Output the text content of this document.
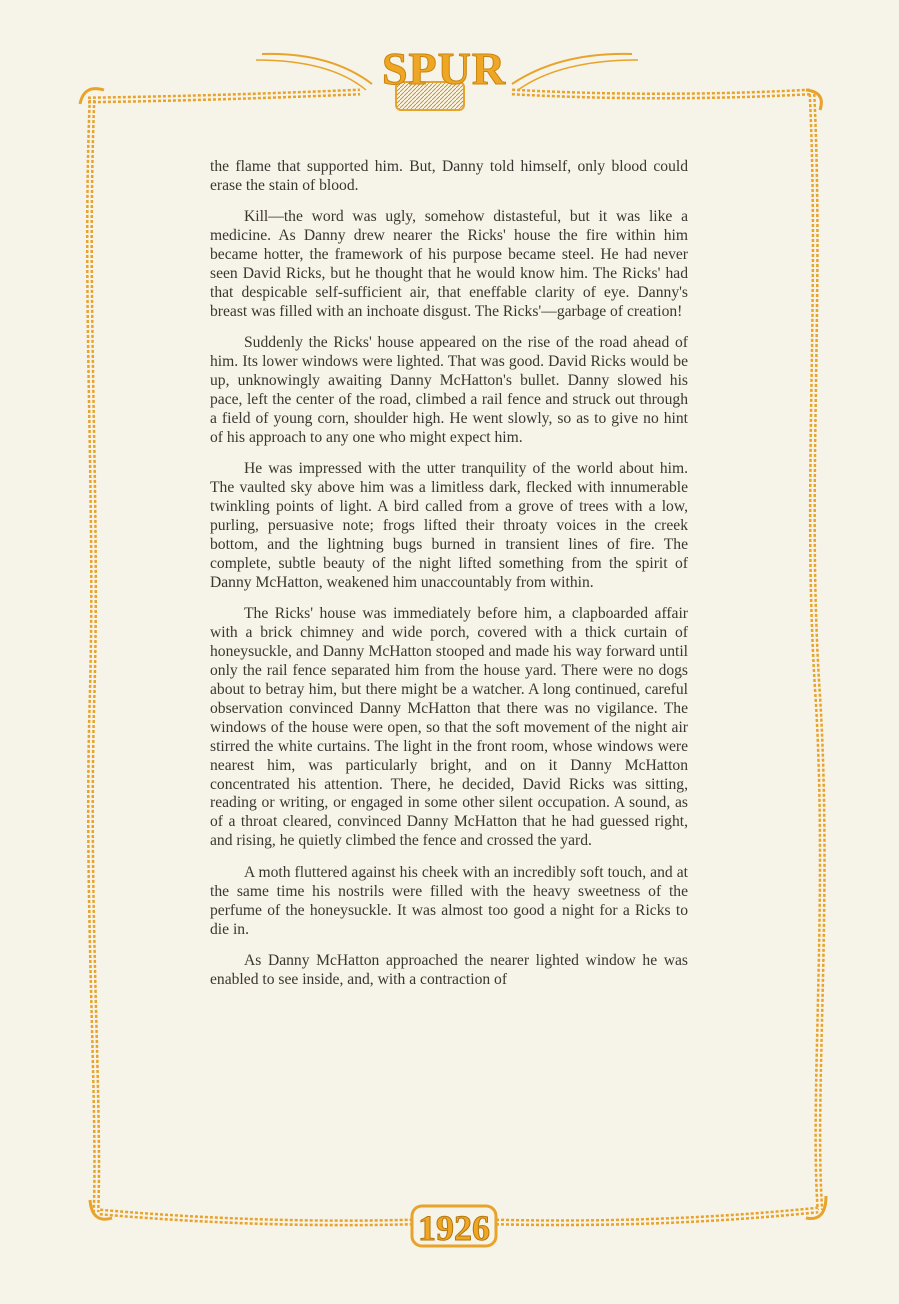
SPUR
1926

the flame that supported him. But, Danny told himself, only blood could erase the stain of blood.

Kill—the word was ugly, somehow distasteful, but it was like a medicine. As Danny drew nearer the Ricks' house the fire within him became hotter, the framework of his purpose became steel. He had never seen David Ricks, but he thought that he would know him. The Ricks' had that despicable self-sufficient air, that eneffable clarity of eye. Danny's breast was filled with an inchoate disgust. The Ricks'—garbage of creation!

Suddenly the Ricks' house appeared on the rise of the road ahead of him. Its lower windows were lighted. That was good. David Ricks would be up, unknowingly awaiting Danny McHatton's bullet. Danny slowed his pace, left the center of the road, climbed a rail fence and struck out through a field of young corn, shoulder high. He went slowly, so as to give no hint of his approach to any one who might expect him.

He was impressed with the utter tranquility of the world about him. The vaulted sky above him was a limitless dark, flecked with innumerable twinkling points of light. A bird called from a grove of trees with a low, purling, persuasive note; frogs lifted their throaty voices in the creek bottom, and the lightning bugs burned in transient lines of fire. The complete, subtle beauty of the night lifted something from the spirit of Danny McHatton, weakened him unaccountably from within.

The Ricks' house was immediately before him, a clapboarded affair with a brick chimney and wide porch, covered with a thick curtain of honeysuckle, and Danny McHatton stooped and made his way forward until only the rail fence separated him from the house yard. There were no dogs about to betray him, but there might be a watcher. A long continued, careful observation convinced Danny McHatton that there was no vigilance. The windows of the house were open, so that the soft movement of the night air stirred the white curtains. The light in the front room, whose windows were nearest him, was particularly bright, and on it Danny McHatton concentrated his attention. There, he decided, David Ricks was sitting, reading or writing, or engaged in some other silent occupation. A sound, as of a throat cleared, convinced Danny McHatton that he had guessed right, and rising, he quietly climbed the fence and crossed the yard.

A moth fluttered against his cheek with an incredibly soft touch, and at the same time his nostrils were filled with the heavy sweetness of the perfume of the honeysuckle. It was almost too good a night for a Ricks to die in.

As Danny McHatton approached the nearer lighted window he was enabled to see inside, and, with a contraction of
